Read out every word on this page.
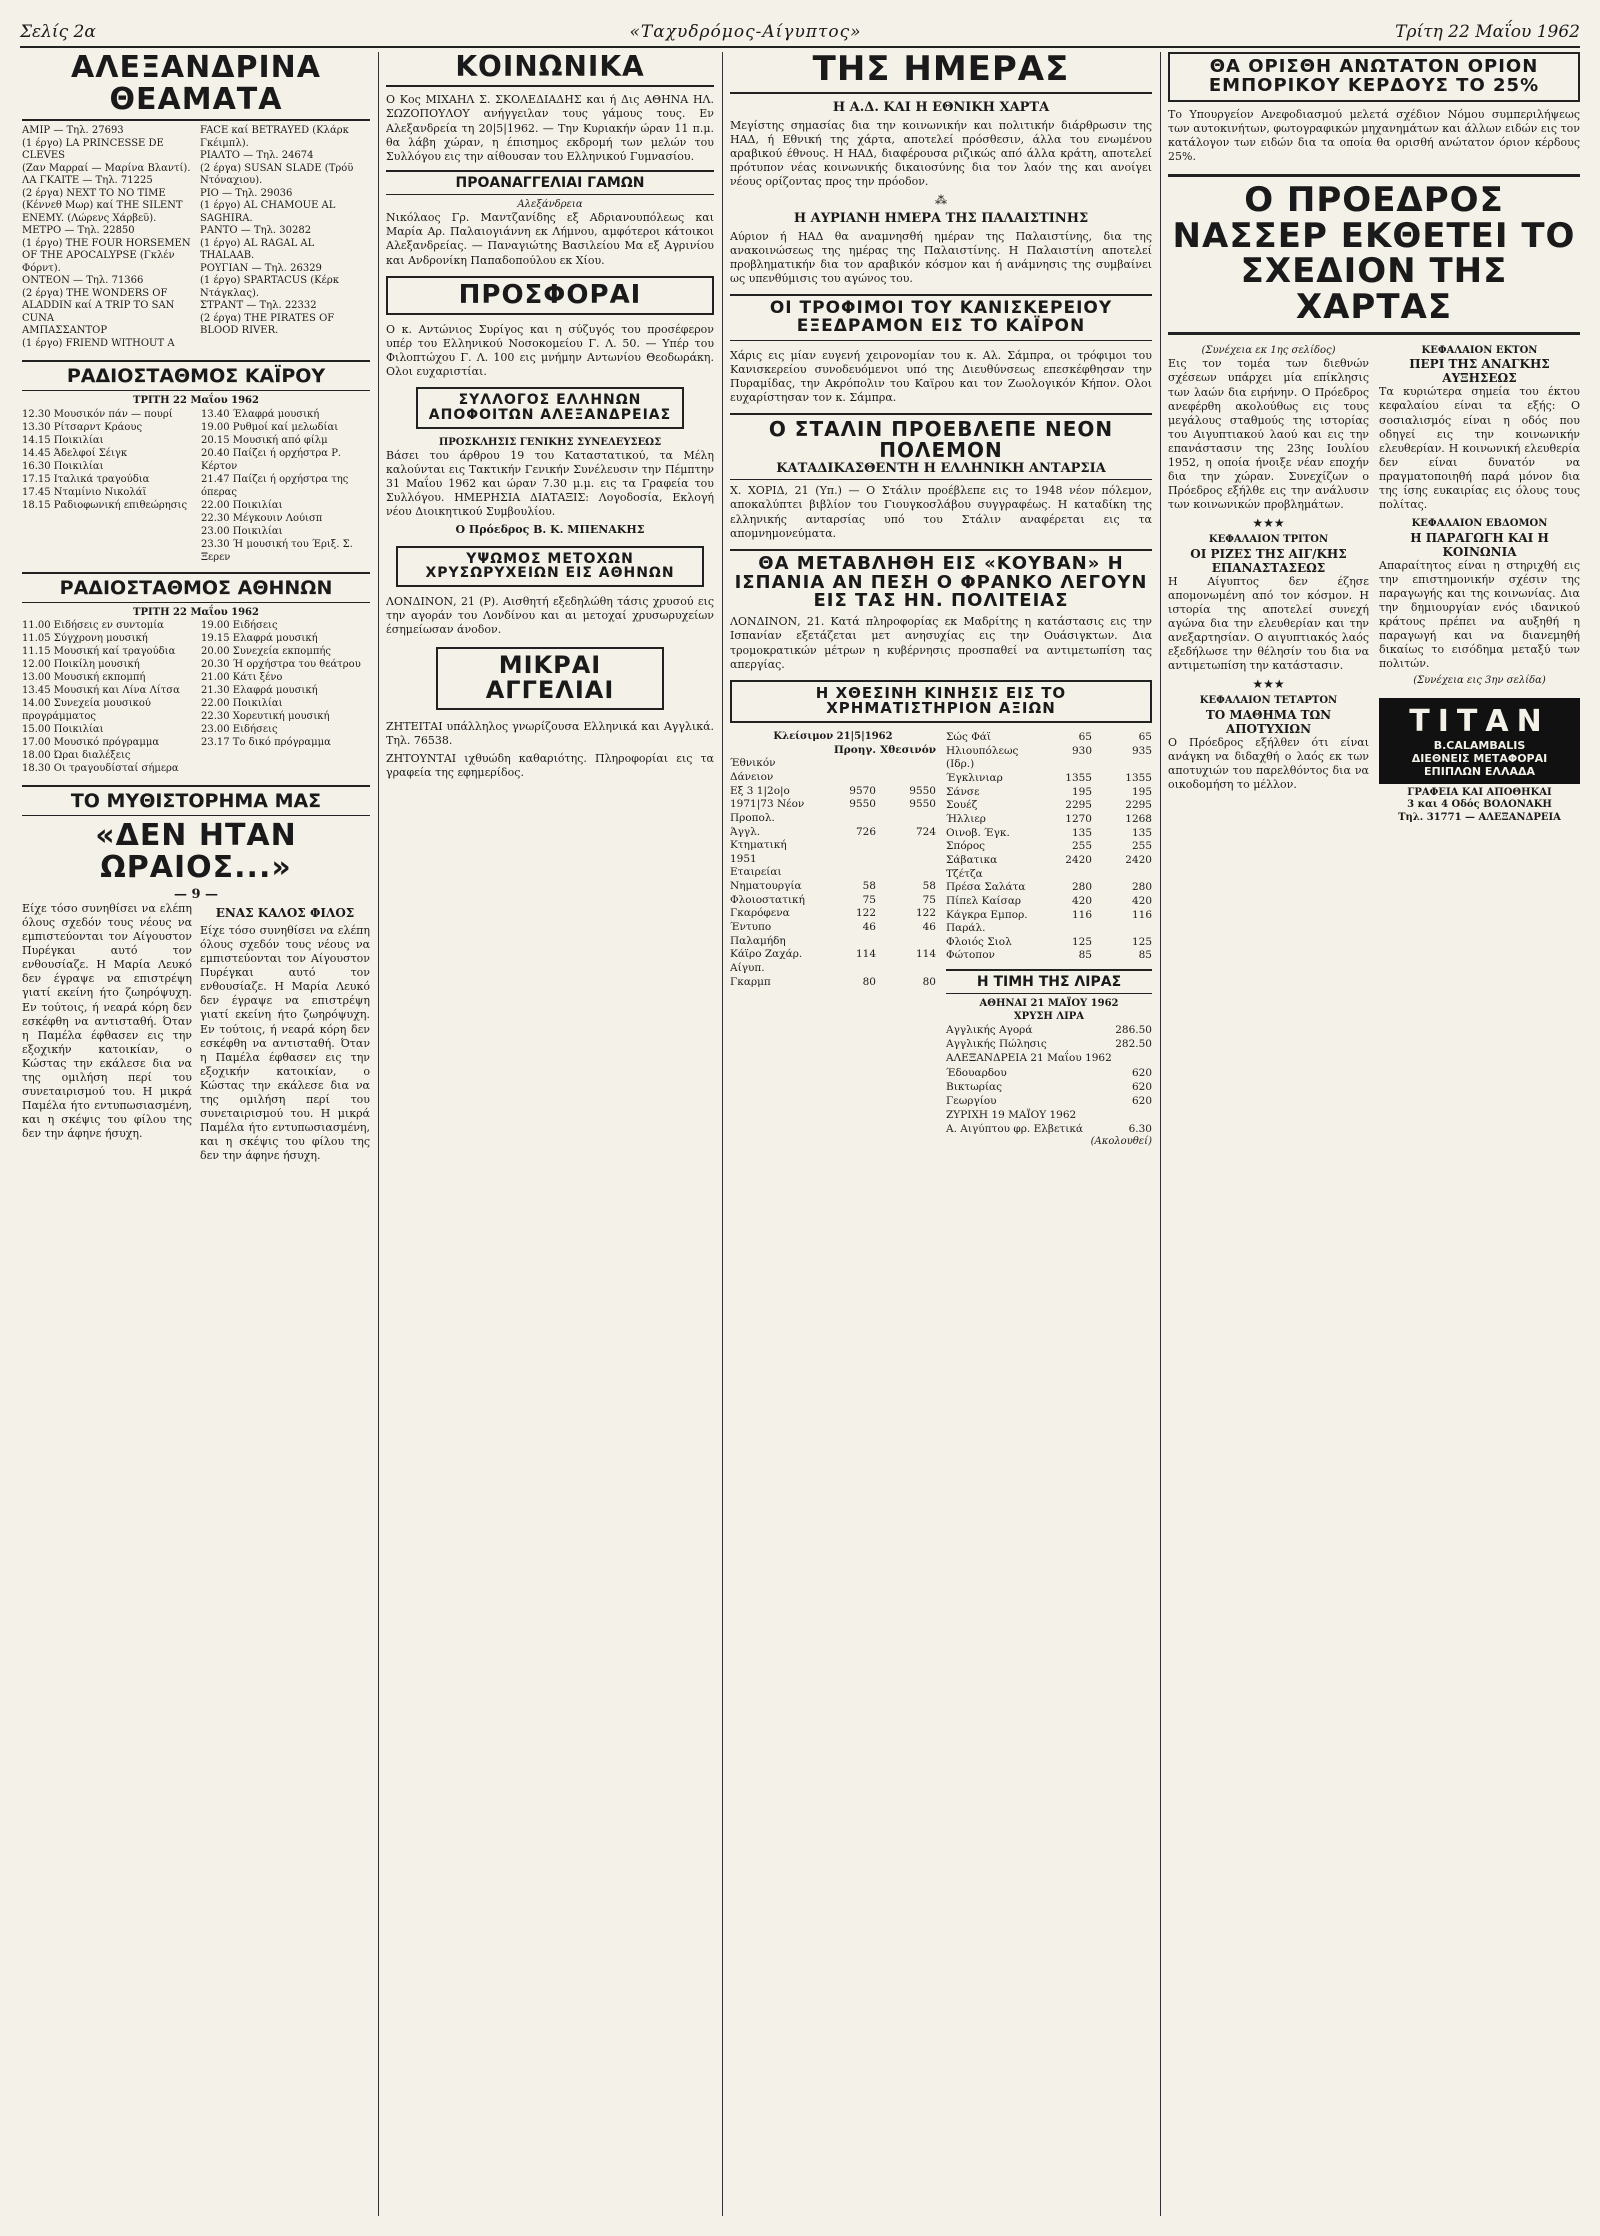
Σελίς 2α	«Ταχυδρόμος-Αίγυπτος»	Τρίτη 22 Μαΐου 1962
ΑΛΕΞΑΝΔΡΙΝΑ ΘΕΑΜΑΤΑ
ΑΜΙΡ — Τηλ. 27693
(1 έργο) LA PRINCESSE DE CLEVES
(Ζαν Μαρραί — Μαρίνα Βλαντί).
ΛΑ ΓΚΑΙΤΕ — Τηλ. 71225
(2 έργα) NEXT TO NO TIME
(Κέννεθ Μωρ) καί THE SILENT ENEMY. (Λώρενς Χάρβεϋ).
ΜΕΤΡΟ — Τηλ. 22850
(1 έργο) THE FOUR HORSEMEN OF THE APOCALYPSE (Γκλέν Φόρντ).
ΟΝΤΕΟΝ — Τηλ. 71366
(2 έργα) THE WONDERS OF ALADDIN καί A TRIP TO SAN CUNA
ΑΜΠΑΣΣΑΝΤΟΡ
(1 έργο) FRIEND WITHOUT A
FACE καί BETRAYED (Κλάρκ Γκέιμπλ).
ΡΙΑΛΤΟ — Τηλ. 24674
(2 έργα) SUSAN SLADE (Τρόϋ Ντόναχιου).
ΡΙΟ — Τηλ. 29036
(1 έργο) AL CHAMOUE AL SAGHIRA.
ΡΑΝΤΟ — Τηλ. 30282
(1 έργο) AL RAGAL AL THALAAB.
ΡΟΥΓΙΑΝ — Τηλ. 26329
(1 έργο) SPARTACUS (Κέρκ Ντάγκλας).
ΣΤΡΑΝΤ — Τηλ. 22332
(2 έργα) THE PIRATES OF BLOOD RIVER.
ΡΑΔΙΟΣΤΑΘΜΟΣ ΚΑΪΡΟΥ
ΤΡΙΤΗ 22 Μαΐου 1962
12.30 Μουσικόν πάν — πουρί
13.30 Ρίτσαρντ Κράους
14.15 Ποικιλίαι
14.45 Άδελφοί Σέιγκ
16.30 Ποικιλίαι
17.15 Ιταλικά τραγούδια
17.45 Νταμίνιο Νικολάϊ
18.15 Ραδιοφωνική επιθεώρησις
13.40 Έλαφρά μουσική
19.00 Ρυθμοί καί μελωδίαι
20.15 Μουσική από φίλμ
20.40 Παίζει ή ορχήστρα Ρ. Κέρτον
21.47 Παίζει ή ορχήστρα της όπερας
22.00 Ποικιλίαι
22.30 Μέγκουιν Λούισπ
23.00 Ποικιλίαι
23.30 Ή μουσική του Έριξ. Σ. Ξερεν
ΡΑΔΙΟΣΤΑΘΜΟΣ ΑΘΗΝΩΝ
ΤΡΙΤΗ 22 Μαΐου 1962
11.00 Ειδήσεις εν συντομία
11.05 Σύγχρονη μουσική
11.15 Μουσική καί τραγούδια
12.00 Ποικίλη μουσική
13.00 Μουσική εκπομπή
13.45 Μουσική και Λίνα Λίτσα
14.00 Συνεχεία μουσικού προγράμματος
15.00 Ποικιλίαι
17.00 Μουσικό πρόγραμμα
18.00 Ώραι διαλέξεις
18.30 Οι τραγουδίσταί σήμερα
19.00 Ειδήσεις
19.15 Ελαφρά μουσική
20.00 Συνεχεία εκπομπής
20.30 Ή ορχήστρα του θεάτρου
21.00 Κάτι ξένο
21.30 Ελαφρά μουσική
22.00 Ποικιλίαι
22.30 Χορευτική μουσική
23.00 Ειδήσεις
23.17 Το δικό πρόγραμμα
ΤΟ ΜΥΘΙΣΤΟΡΗΜΑ ΜΑΣ
«ΔΕΝ ΗΤΑΝ ΩΡΑΙΟΣ...»
— 9 —
Είχε τόσο συνηθίσει να ελέπη όλους σχεδόν τους νέους να εμπιστεύονται τον Αίγουστον Πυρέγκαι αυτό τον ενθουσίαζε. Η Μαρία Λευκό δεν έγραψε να επιστρέψη γιατί εκείνη ήτο ζωηρόψυχη. Εν τούτοις, ή νεαρά κόρη δεν εσκέφθη να αντισταθή. Όταν η Παμέλα έφθασεν εις την εξοχικήν κατοικίαν, ο Κώστας την εκάλεσε δια να της ομιλήση περί του συνεταιρισμού του. Η μικρά Παμέλα ήτο εντυπωσιασμένη, και η σκέψις του φίλου της δεν την άφηνε ήσυχη.
ΕΝΑΣ ΚΑΛΟΣ ΦΙΛΟΣ
Είχε τόσο συνηθίσει να ελέπη όλους σχεδόν τους νέους να εμπιστεύονται τον Αίγουστον Πυρέγκαι αυτό τον ενθουσίαζε. Η Μαρία Λευκό δεν έγραψε να επιστρέψη γιατί εκείνη ήτο ζωηρόψυχη. Εν τούτοις, ή νεαρά κόρη δεν εσκέφθη να αντισταθή. Όταν η Παμέλα έφθασεν εις την εξοχικήν κατοικίαν, ο Κώστας την εκάλεσε δια να της ομιλήση περί του συνεταιρισμού του. Η μικρά Παμέλα ήτο εντυπωσιασμένη, και η σκέψις του φίλου της δεν την άφηνε ήσυχη.
ΚΟΙΝΩΝΙΚΑ

Ο Κος ΜΙΧΑΗΛ Σ. ΣΚΟΛΕΔΙΑΔΗΣ και ή Δις ΑΘΗΝΑ ΗΛ. ΣΩΖΟΠΟΥΛΟΥ ανήγγειλαν τους γάμους τους. Εν Αλεξανδρεία τη 20|5|1962. — Την Κυριακήν ώραν 11 π.μ. θα λάβη χώραν, η έπισημος εκδρομή των μελών του Συλλόγου εις την αίθουσαν του Ελληνικού Γυμνασίου.

ΠΡΟΑΝΑΓΓΕΛΙΑΙ ΓΑΜΩΝ
Αλεξάνδρεια

Νικόλαος Γρ. Μαντζανίδης εξ Αδριανουπόλεως και Μαρία Αρ. Παλαιογιάννη εκ Λήμνου, αμφότεροι κάτοικοι Αλεξανδρείας. — Παναγιώτης Βασιλείου Μα εξ Αγρινίου και Ανδρονίκη Παπαδοπούλου εκ Χίου.

ΠΡΟΣΦΟΡΑΙ

Ο κ. Αντώνιος Συρίγος και η σύζυγός του προσέφερον υπέρ του Ελληνικού Νοσοκομείου Γ. Λ. 50. — Υπέρ του Φιλοπτώχου Γ. Λ. 100 εις μνήμην Αντωνίου Θεοδωράκη. Ολοι ευχαριστίαι.

ΣΥΛΛΟΓΟΣ ΕΛΛΗΝΩΝ ΑΠΟΦΟΙΤΩΝ ΑΛΕΞΑΝΔΡΕΙΑΣ
ΠΡΟΣΚΛΗΣΙΣ ΓΕΝΙΚΗΣ ΣΥΝΕΛΕΥΣΕΩΣ

Βάσει του άρθρου 19 του Καταστατικού, τα Μέλη καλούνται εις Τακτικήν Γενικήν Συνέλευσιν την Πέμπτην 31 Μαΐου 1962 και ώραν 7.30 μ.μ. εις τα Γραφεία του Συλλόγου. ΗΜΕΡΗΣΙΑ ΔΙΑΤΑΞΙΣ: Λογοδοσία, Εκλογή νέου Διοικητικού Συμβουλίου.

Ο Πρόεδρος Β. Κ. ΜΠΕΝΑΚΗΣ

ΥΨΩΜΟΣ ΜΕΤΟΧΩΝ ΧΡΥΣΩΡΥΧΕΙΩΝ ΕΙΣ ΑΘΗΝΩΝ

ΛΟΝΔΙΝΟΝ, 21 (Ρ). Αισθητή εξεδηλώθη τάσις χρυσού εις την αγοράν του Λονδίνου και αι μετοχαί χρυσωρυχείων έσημείωσαν άνοδον.

ΜΙΚΡΑΙ ΑΓΓΕΛΙΑΙ

ΖΗΤΕΙΤΑΙ υπάλληλος γνωρίζουσα Ελληνικά και Αγγλικά. Τηλ. 76538.

ΖΗΤΟΥΝΤΑΙ ιχθυώδη καθαριότης. Πληροφορίαι εις τα γραφεία της εφημερίδος.

ΤΗΣ ΗΜΕΡΑΣ
Η Α.Δ. ΚΑΙ Η ΕΘΝΙΚΗ ΧΑΡΤΑ

Μεγίστης σημασίας δια την κοινωνικήν και πολιτικήν διάρθρωσιν της ΗΑΔ, ή Εθνική της χάρτα, αποτελεί πρόσθεσιν, άλλα του ενωμένου αραβικού έθνους. Η ΗΑΔ, διαφέρουσα ριζικώς από άλλα κράτη, αποτελεί πρότυπον νέας κοινωνικής δικαιοσύνης δια τον λαόν της και ανοίγει νέους ορίζοντας προς την πρόοδον.

⁂
Η ΑΥΡΙΑΝΗ ΗΜΕΡΑ ΤΗΣ ΠΑΛΑΙΣΤΙΝΗΣ

Αύριον ή ΗΑΔ θα αναμνησθή ημέραν της Παλαιστίνης, δια της ανακοινώσεως της ημέρας της Παλαιστίνης. Η Παλαιστίνη αποτελεί προβληματικήν δια τον αραβικόν κόσμον και ή ανάμνησις της συμβαίνει ως υπενθύμισις του αγώνος του.

ΟΙ ΤΡΟΦΙΜΟΙ ΤΟΥ ΚΑΝΙΣΚΕΡΕΙΟΥ ΕΞΕΔΡΑΜΟΝ ΕΙΣ ΤΟ ΚΑΪΡΟΝ

Χάρις εις μίαν ευγενή χειρονομίαν του κ. Αλ. Σάμπρα, οι τρόφιμοι του Κανισκερείου συνοδευόμενοι υπό της Διευθύνσεως επεσκέφθησαν την Πυραμίδας, την Ακρόπολιν του Καϊρου και τον Ζωολογικόν Κήπον. Ολοι ευχαρίστησαν τον κ. Σάμπρα.

Ο ΣΤΑΛΙΝ ΠΡΟΕΒΛΕΠΕ ΝΕΟΝ ΠΟΛΕΜΟΝ
ΚΑΤΑΔΙΚΑΣΘΕΝΤΗ Η ΕΛΛΗΝΙΚΗ ΑΝΤΑΡΣΙΑ

Χ. ΧΟΡΙΔ, 21 (Υπ.) — Ο Στάλιν προέβλεπε εις το 1948 νέον πόλεμον, αποκαλύπτει βιβλίον του Γιουγκοσλάβου συγγραφέως. Η καταδίκη της ελληνικής ανταρσίας υπό του Στάλιν αναφέρεται εις τα απομνημονεύματα.

ΘΑ ΜΕΤΑΒΛΗΘΗ ΕΙΣ «ΚΟΥΒΑΝ» Η ΙΣΠΑΝΙΑ ΑΝ ΠΕΣΗ Ο ΦΡΑΝΚΟ ΛΕΓΟΥΝ ΕΙΣ ΤΑΣ ΗΝ. ΠΟΛΙΤΕΙΑΣ

ΛΟΝΔΙΝΟΝ, 21. Κατά πληροφορίας εκ Μαδρίτης η κατάστασις εις την Ισπανίαν εξετάζεται μετ ανησυχίας εις την Ουάσιγκτων. Δια τρομοκρατικών μέτρων η κυβέρνησις προσπαθεί να αντιμετωπίση τας απεργίας.

Η ΧΘΕΣΙΝΗ ΚΙΝΗΣΙΣ ΕΙΣ ΤΟ ΧΡΗΜΑΤΙΣΤΗΡΙΟΝ ΑΞΙΩΝ
Κλείσιμον 21|5|1962
Προηγ. Χθεσινόν
Έθνικόν Δάνειον
Εξ 3 1|2ο|ο	9570	9550
1971|73 Νέον Προπολ.
9550	9550
Άγγλ. Κτηματική 1951
726	724
Εταιρείαι
Νηματουργία	58	58
Φλοιοστατική	75	75
Γκαρόφενα	122	122
Έντυπο Παλαμήδη
46	46
Κάϊρο Ζαχάρ. Αίγυπ.
114	114
Γκαρμπ	80	80
Σώς Φάϊ	65	65
Ηλιουπόλεως (Ιδρ.)
930	935
Έγκλινιαρ	1355	1355
Σάνσε	195	195
Σουέζ	2295	2295
Ήλλιερ	1270	1268
Οινοβ. Έγκ.	135	135
Σπόρος	255	255
Σάβατικα Τζέτζα
2420	2420
Πρέσα Σαλάτα	280	280
Πίπελ Καίσαρ	420	420
Κάγκρα Εμπορ. Παράλ.
116	116
Φλοιός Σιολ	125	125
Φώτοπον	85	85
Η ΤΙΜΗ ΤΗΣ ΛΙΡΑΣ
ΑΘΗΝΑΙ 21 ΜΑΪΟΥ 1962
ΧΡΥΣΗ ΛΙΡΑ
Αγγλικής Αγορά	286.50
Αγγλικής Πώλησις	282.50
ΑΛΕΞΑΝΔΡΕΙΑ 21 Μαΐου 1962
Έδουαρδου	620
Βικτωρίας	620
Γεωργίου	620
ΖΥΡΙΧΗ 19 ΜΑΪΟΥ 1962
Α. Αιγύπτου φρ. Ελβετικά	6.30
(Ακολουθεί)
ΘΑ ΟΡΙΣΘΗ ΑΝΩΤΑΤΟΝ ΟΡΙΟΝ ΕΜΠΟΡΙΚΟΥ ΚΕΡΔΟΥΣ ΤΟ 25%

Το Υπουργείον Ανεφοδιασμού μελετά σχέδιον Νόμου συμπεριλήψεως των αυτοκινήτων, φωτογραφικών μηχανημάτων και άλλων ειδών εις τον κατάλογον των ειδών δια τα οποία θα ορισθή ανώτατον όριον κέρδους 25%.

Ο ΠΡΟΕΔΡΟΣ ΝΑΣΣΕΡ ΕΚΘΕΤΕΙ ΤΟ ΣΧΕΔΙΟΝ ΤΗΣ ΧΑΡΤΑΣ
(Συνέχεια εκ 1ης σελίδος)

Εις τον τομέα των διεθνών σχέσεων υπάρχει μία επίκλησις των λαών δια ειρήνην. Ο Πρόεδρος ανεφέρθη ακολούθως εις τους μεγάλους σταθμούς της ιστορίας του Αιγυπτιακού λαού και εις την επανάστασιν της 23ης Ιουλίου 1952, η οποία ήνοιξε νέαν εποχήν δια την χώραν. Συνεχίζων ο Πρόεδρος εξήλθε εις την ανάλυσιν των κοινωνικών προβλημάτων.

★★★
ΚΕΦΑΛΑΙΟΝ ΤΡΙΤΟΝ
ΟΙ ΡΙΖΕΣ ΤΗΣ ΑΙΓ/ΚΗΣ ΕΠΑΝΑΣΤΑΣΕΩΣ

Η Αίγυπτος δεν έζησε απομονωμένη από τον κόσμον. Η ιστορία της αποτελεί συνεχή αγώνα δια την ελευθερίαν και την ανεξαρτησίαν. Ο αιγυπτιακός λαός εξεδήλωσε την θέλησίν του δια να αντιμετωπίση την κατάστασιν.

★★★
ΚΕΦΑΛΑΙΟΝ ΤΕΤΑΡΤΟΝ
ΤΟ ΜΑΘΗΜΑ ΤΩΝ ΑΠΟΤΥΧΙΩΝ

Ο Πρόεδρος εξήλθεν ότι είναι ανάγκη να διδαχθή ο λαός εκ των αποτυχιών του παρελθόντος δια να οικοδομήση το μέλλον.

ΚΕΦΑΛΑΙΟΝ ΕΚΤΟΝ
ΠΕΡΙ ΤΗΣ ΑΝΑΓΚΗΣ ΑΥΞΗΣΕΩΣ

Τα κυριώτερα σημεία του έκτου κεφαλαίου είναι τα εξής: Ο σοσιαλισμός είναι η οδός που οδηγεί εις την κοινωνικήν ελευθερίαν. Η κοινωνική ελευθερία δεν είναι δυνατόν να πραγματοποιηθή παρά μόνον δια της ίσης ευκαιρίας εις όλους τους πολίτας.

ΚΕΦΑΛΑΙΟΝ ΕΒΔΟΜΟΝ
Η ΠΑΡΑΓΩΓΗ ΚΑΙ Η ΚΟΙΝΩΝΙΑ

Απαραίτητος είναι η στηριχθή εις την επιστημονικήν σχέσιν της παραγωγής και της κοινωνίας. Δια την δημιουργίαν ενός ιδανικού κράτους πρέπει να αυξηθή η παραγωγή και να διανεμηθή δικαίως το εισόδημα μεταξύ των πολιτών.

(Συνέχεια εις 3ην σελίδα)
ΤΙΤΑΝ
B.CALAMBALIS
ΔΙΕΘΝΕΙΣ ΜΕΤΑΦΟΡΑΙ
ΕΠΙΠΛΩΝ ΕΛΛΑΔΑ
ΓΡΑΦΕΙΑ ΚΑΙ ΑΠΟΘΗΚΑΙ
3 και 4 Οδός ΒΟΛΟΝΑΚΗ
Τηλ. 31771 — ΑΛΕΞΑΝΔΡΕΙΑ
